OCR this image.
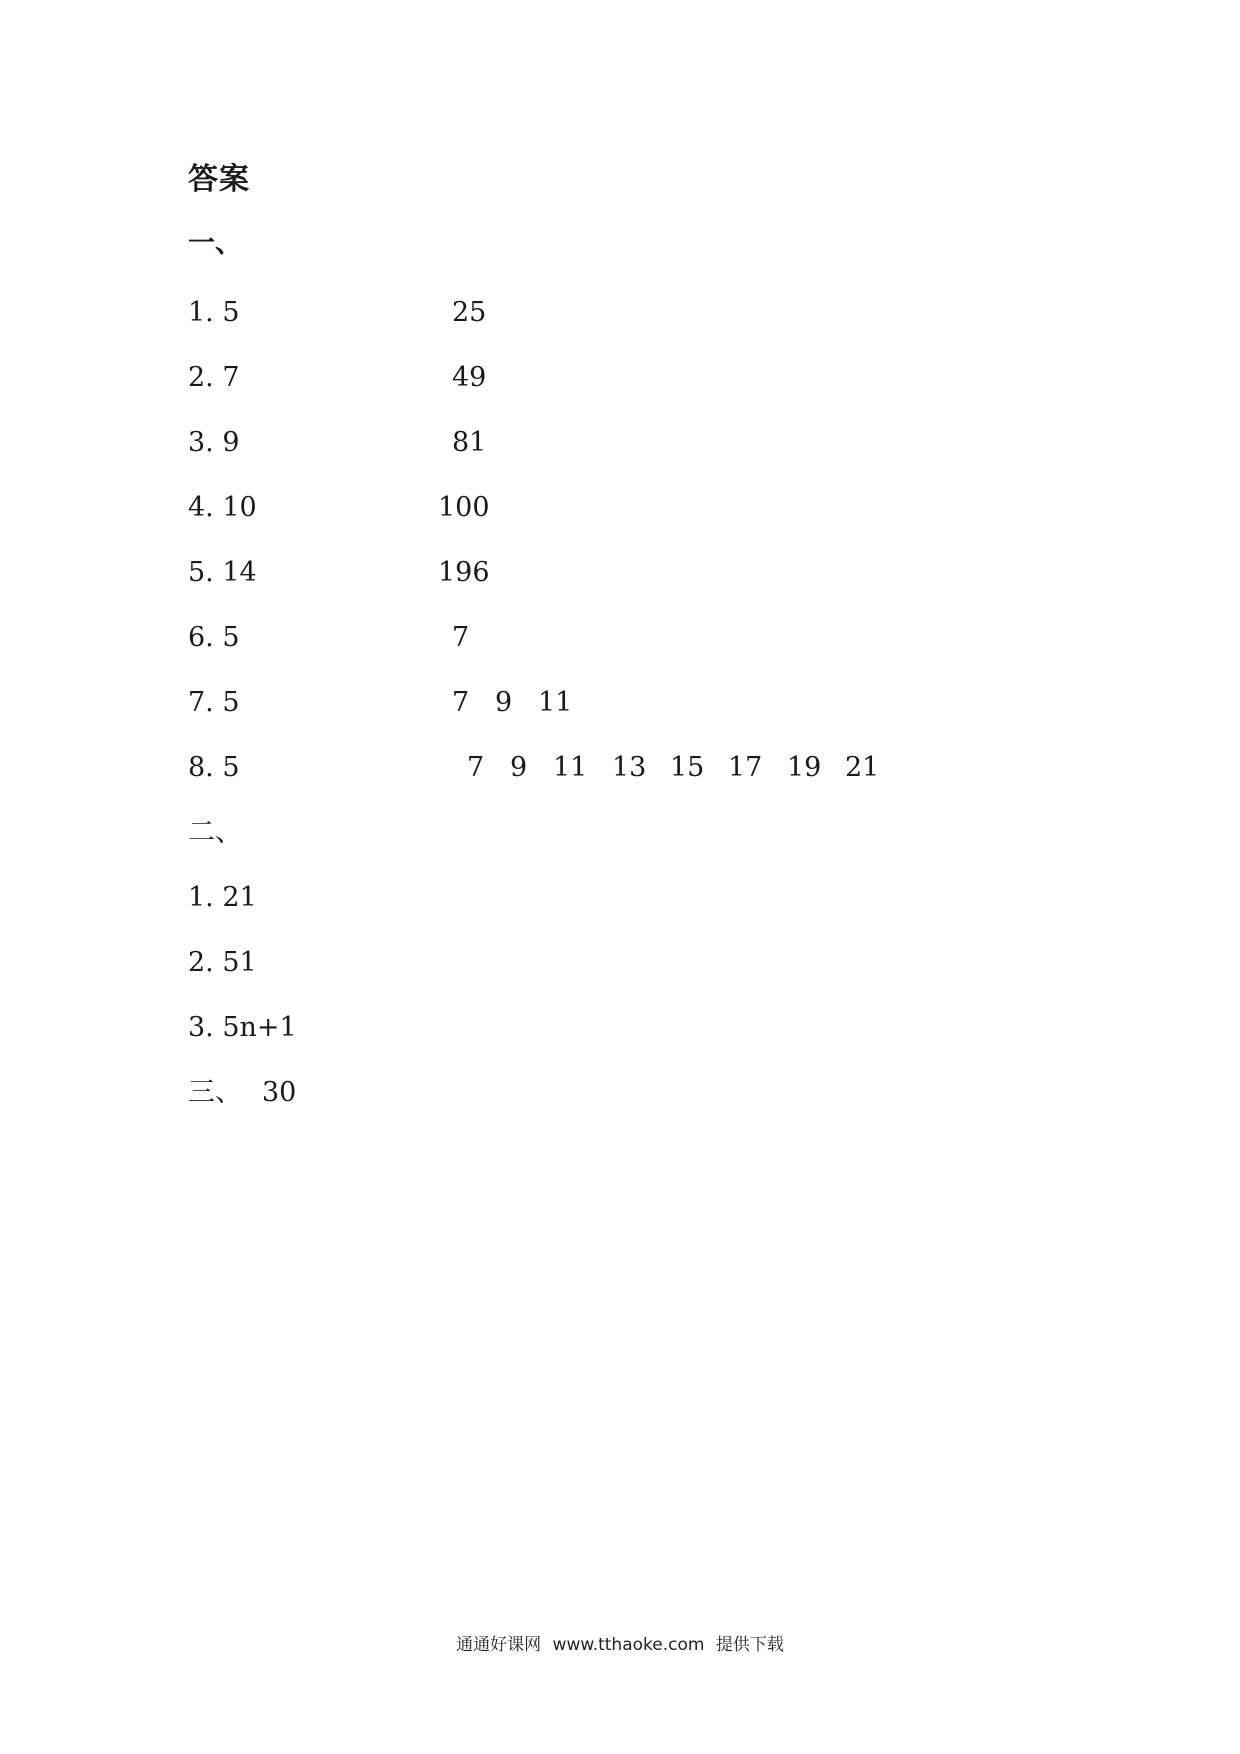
答案
一、
1. 5	25
2. 7	49
3. 9	81
4. 10	100
5. 14	196
6. 5	7
7. 5	7 9 11
8. 5	7 9 11 13 15 17 19 21
二、
1. 21
2. 51
3. 5n+1
三、 30
通通好课网 www.tthaoke.com 提供下载
